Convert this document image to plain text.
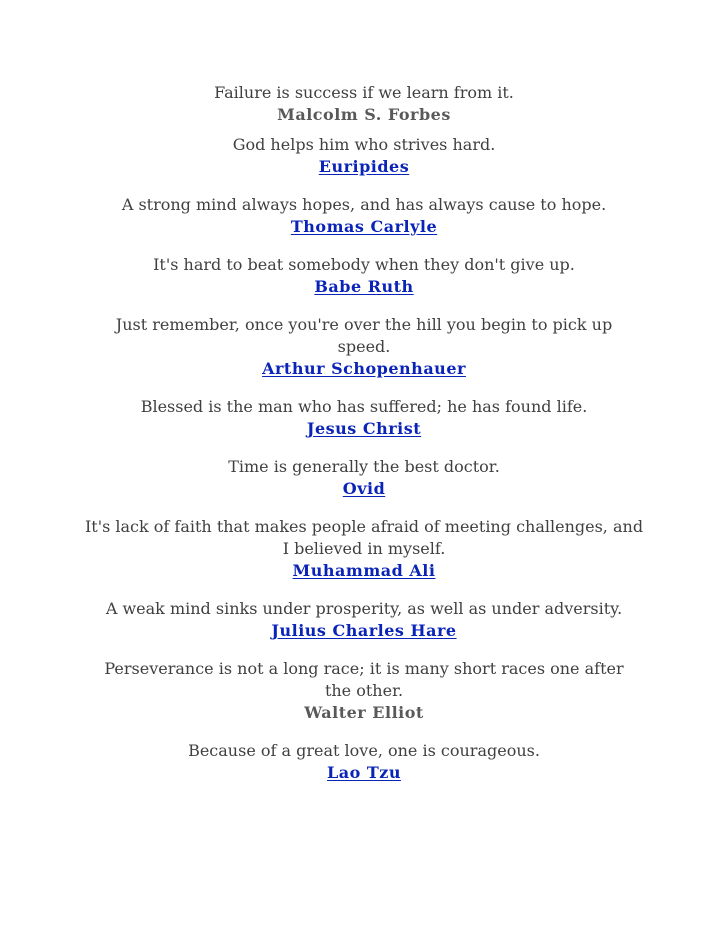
Failure is success if we learn from it.
Malcolm S. Forbes
God helps him who strives hard.
Euripides
A strong mind always hopes, and has always cause to hope.
Thomas Carlyle
It's hard to beat somebody when they don't give up.
Babe Ruth
Just remember, once you're over the hill you begin to pick up speed.
Arthur Schopenhauer
Blessed is the man who has suffered; he has found life.
Jesus Christ
Time is generally the best doctor.
Ovid
It's lack of faith that makes people afraid of meeting challenges, and I believed in myself.
Muhammad Ali
A weak mind sinks under prosperity, as well as under adversity.
Julius Charles Hare
Perseverance is not a long race; it is many short races one after the other.
Walter Elliot
Because of a great love, one is courageous.
Lao Tzu
